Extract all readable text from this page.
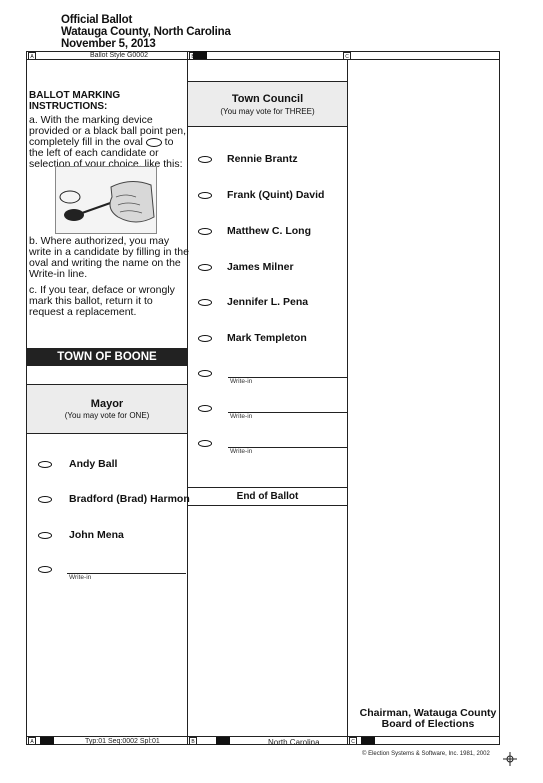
Official Ballot
Watauga County, North Carolina
November 5, 2013
A	Ballot Style G0002	C

BALLOT MARKING INSTRUCTIONS:

a. With the marking device provided or a black ball point pen, completely fill in the oval to the left of each candidate or selection of your choice, like this:

b. Where authorized, you may write in a candidate by filling in the oval and writing the name on the Write-in line.

c. If you tear, deface or wrongly mark this ballot, return it to request a replacement.

TOWN OF BOONE
Mayor
(You may vote for ONE)
Andy Ball
Bradford (Brad) Harmon
John Mena
Write-in
Town Council
(You may vote for THREE)
Rennie Brantz
Frank (Quint) David
Matthew C. Long
James Milner
Jennifer L. Pena
Mark Templeton
Write-in
Write-in
Write-in
End of Ballot
Chairman, Watauga County
Board of Elections
A	Typ:01 Seq:0002 Spl:01	B	North Carolina	C
© Election Systems & Software, Inc. 1981, 2002
